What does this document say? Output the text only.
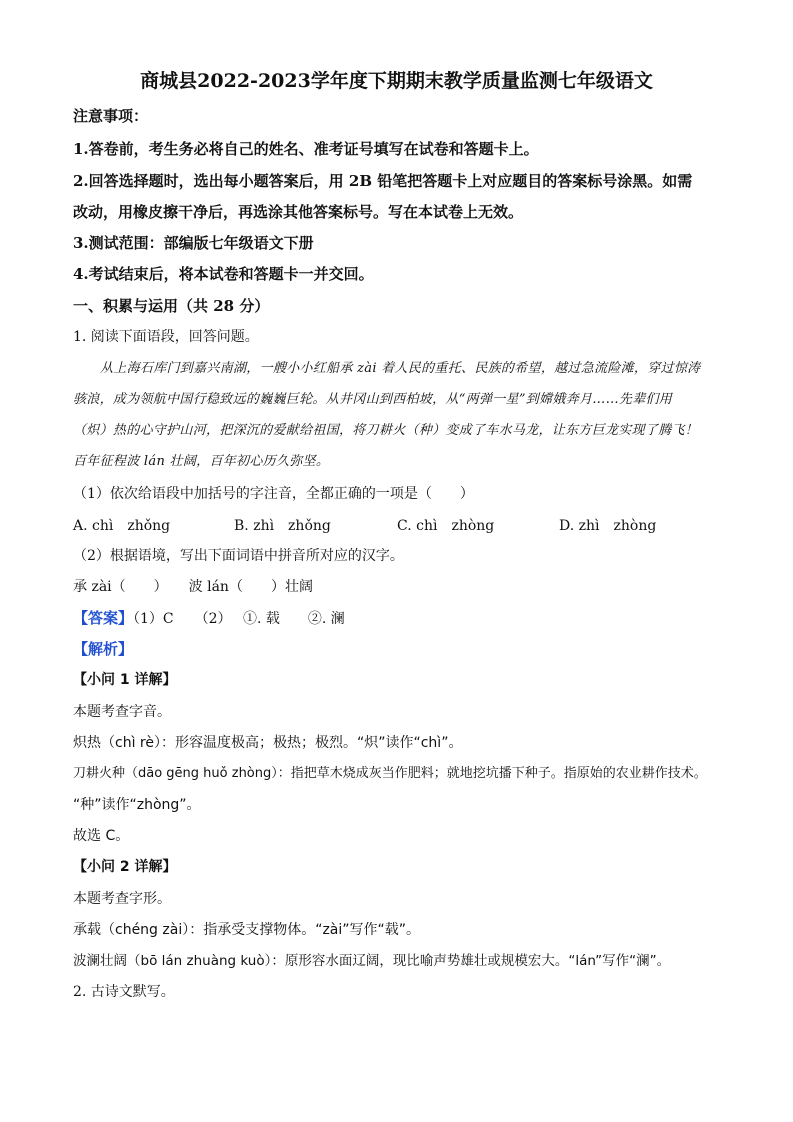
商城县2022-2023学年度下期期末教学质量监测七年级语文
注意事项：
1.答卷前，考生务必将自己的姓名、准考证号填写在试卷和答题卡上。
2.回答选择题时，选出每小题答案后，用 2B 铅笔把答题卡上对应题目的答案标号涂黑。如需
改动，用橡皮擦干净后，再选涂其他答案标号。写在本试卷上无效。
3.测试范围：部编版七年级语文下册
4.考试结束后，将本试卷和答题卡一并交回。
一、积累与运用（共 28 分）
1. 阅读下面语段，回答问题。
从上海石库门到嘉兴南湖，一艘小小红船承 zài 着人民的重托、民族的希望，越过急流险滩，穿过惊涛
骇浪，成为领航中国行稳致远的巍巍巨轮。从井冈山到西柏坡，从“两弹一星”到嫦娥奔月……先辈们用
（炽）热的心守护山河，把深沉的爱献给祖国，将刀耕火（种）变成了车水马龙，让东方巨龙实现了腾飞！
百年征程波 lán 壮阔，百年初心历久弥坚。
（1）依次给语段中加括号的字注音，全都正确的一项是（　　）
A. chì　zhǒng	B. zhì　zhǒng	C. chì　zhòng	D. zhì　zhòng
（2）根据语境，写出下面词语中拼音所对应的汉字。
承 zài（　　）　　波 lán（　　）壮阔
【答案】（1）C　　（2）　 ①. 载　　②. 澜
【解析】
【小问 1 详解】
本题考查字音。
炽热（chì rè）：形容温度极高；极热；极烈。“炽”读作“chì”。
刀耕火种（dāo gēng huǒ zhòng）：指把草木烧成灰当作肥料；就地挖坑播下种子。指原始的农业耕作技术。
“种”读作“zhòng”。
故选 C。
【小问 2 详解】
本题考查字形。
承载（chéng zài）：指承受支撑物体。“zài”写作“载”。
波澜壮阔（bō lán zhuàng kuò）：原形容水面辽阔，现比喻声势雄壮或规模宏大。“lán”写作“澜”。
2. 古诗文默写。
